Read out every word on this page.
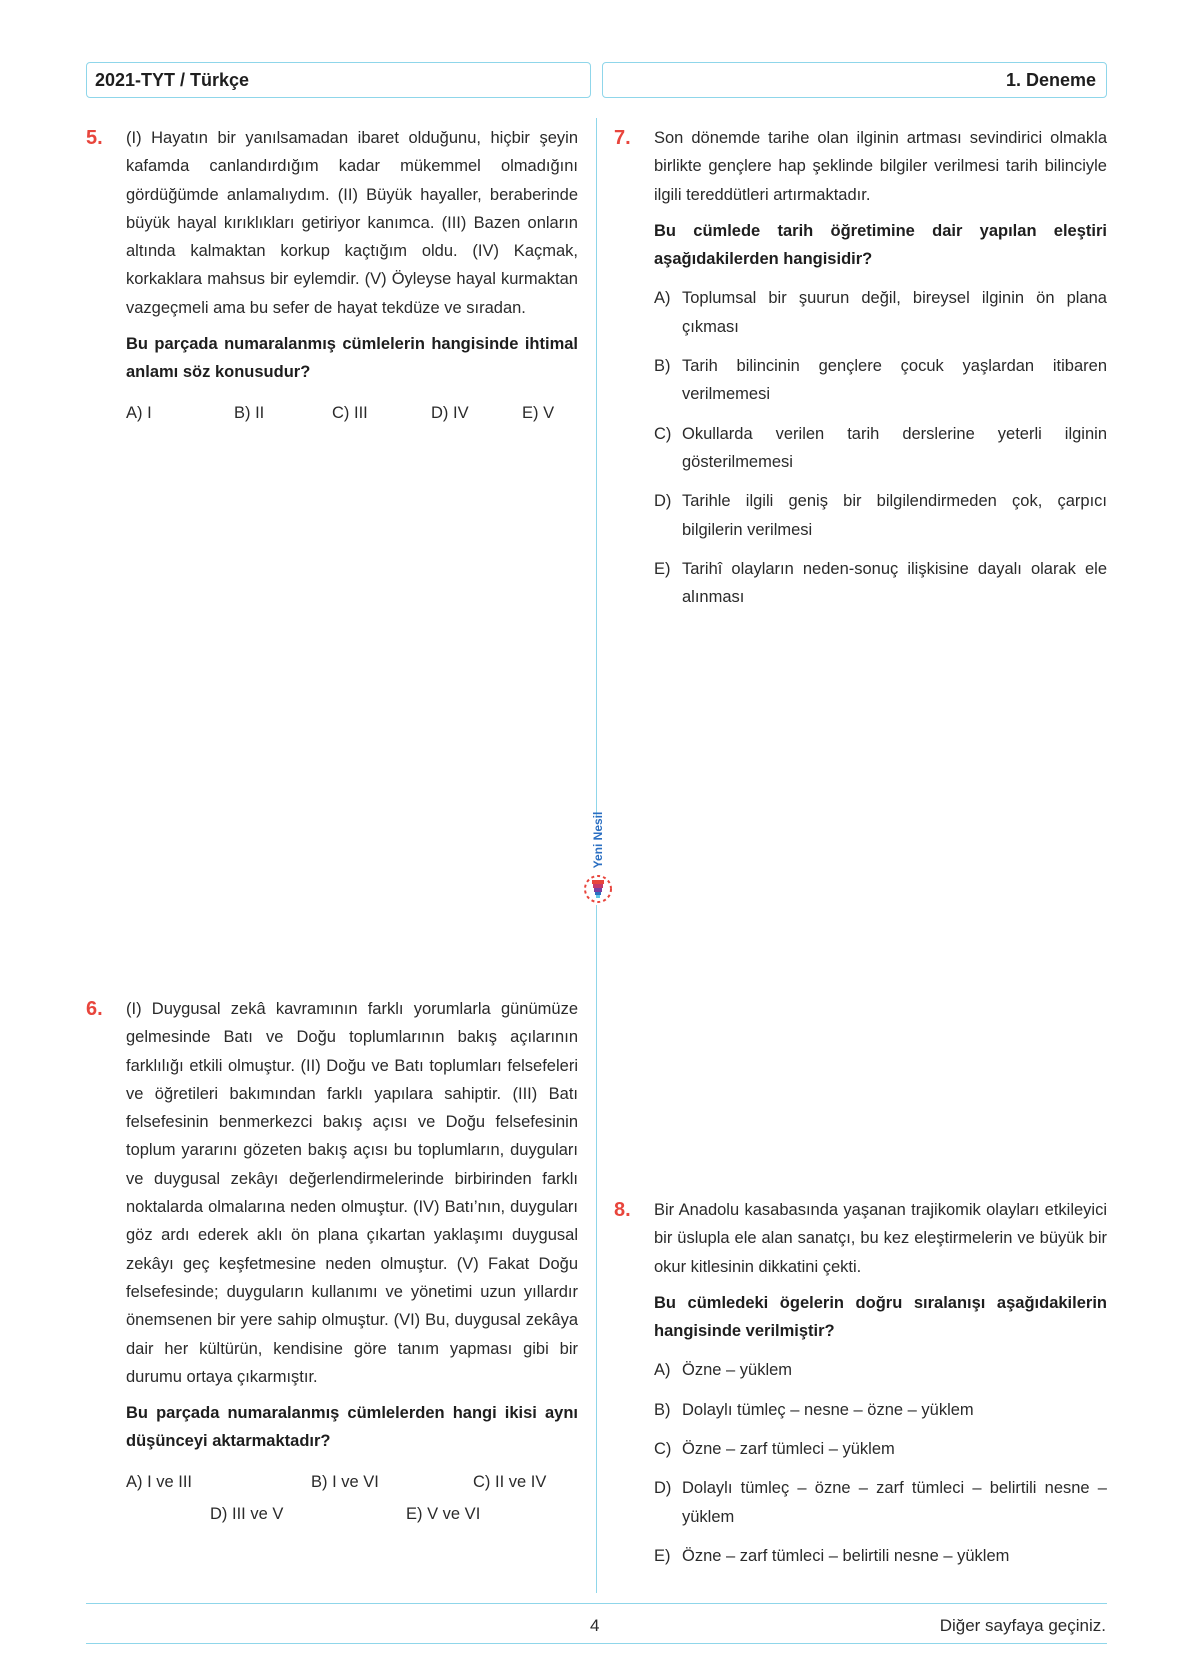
2021-TYT / Türkçe	1. Deneme
Yeni Nesil
5. (I) Hayatın bir yanılsamadan ibaret olduğunu, hiçbir şeyin kafamda canlandırdığım kadar mükemmel olmadığını gördüğümde anlamalıydım. (II) Büyük hayaller, beraberinde büyük hayal kırıklıkları getiriyor kanımca. (III) Bazen onların altında kalmaktan korkup kaçtığım oldu. (IV) Kaçmak, korkaklara mahsus bir eylemdir. (V) Öyleyse hayal kurmaktan vazgeçmeli ama bu sefer de hayat tekdüze ve sıradan.

Bu parçada numaralanmış cümlelerin hangisinde ihtimal anlamı söz konusudur?

A) I	B) II	C) III	D) IV	E) V
6. (I) Duygusal zekâ kavramının farklı yorumlarla günümüze gelmesinde Batı ve Doğu toplumlarının bakış açılarının farklılığı etkili olmuştur. (II) Doğu ve Batı toplumları felsefeleri ve öğretileri bakımından farklı yapılara sahiptir. (III) Batı felsefesinin benmerkezci bakış açısı ve Doğu felsefesinin toplum yararını gözeten bakış açısı bu toplumların, duyguları ve duygusal zekâyı değerlendirmelerinde birbirinden farklı noktalarda olmalarına neden olmuştur. (IV) Batı’nın, duyguları göz ardı ederek aklı ön plana çıkartan yaklaşımı duygusal zekâyı geç keşfetmesine neden olmuştur. (V) Fakat Doğu felsefesinde; duyguların kullanımı ve yönetimi uzun yıllardır önemsenen bir yere sahip olmuştur. (VI) Bu, duygusal zekâya dair her kültürün, kendisine göre tanım yapması gibi bir durumu ortaya çıkarmıştır.

Bu parçada numaralanmış cümlelerden hangi ikisi aynı düşünceyi aktarmaktadır?

A) I ve III	B) I ve VI	C) II ve IV
D) III ve V	E) V ve VI
7. Son dönemde tarihe olan ilginin artması sevindirici olmakla birlikte gençlere hap şeklinde bilgiler verilmesi tarih bilinciyle ilgili tereddütleri artırmaktadır.

Bu cümlede tarih öğretimine dair yapılan eleştiri aşağıdakilerden hangisidir?

A) Toplumsal bir şuurun değil, bireysel ilginin ön plana çıkması
B) Tarih bilincinin gençlere çocuk yaşlardan itibaren verilmemesi
C) Okullarda verilen tarih derslerine yeterli ilginin gösterilmemesi
D) Tarihle ilgili geniş bir bilgilendirmeden çok, çarpıcı bilgilerin verilmesi
E) Tarihî olayların neden-sonuç ilişkisine dayalı olarak ele alınması
8. Bir Anadolu kasabasında yaşanan trajikomik olayları etkileyici bir üslupla ele alan sanatçı, bu kez eleştirmelerin ve büyük bir okur kitlesinin dikkatini çekti.

Bu cümledeki ögelerin doğru sıralanışı aşağıdakilerin hangisinde verilmiştir?

A) Özne – yüklem
B) Dolaylı tümleç – nesne – özne – yüklem
C) Özne – zarf tümleci – yüklem
D) Dolaylı tümleç – özne – zarf tümleci – belirtili nesne – yüklem
E) Özne – zarf tümleci – belirtili nesne – yüklem
4	Diğer sayfaya geçiniz.
